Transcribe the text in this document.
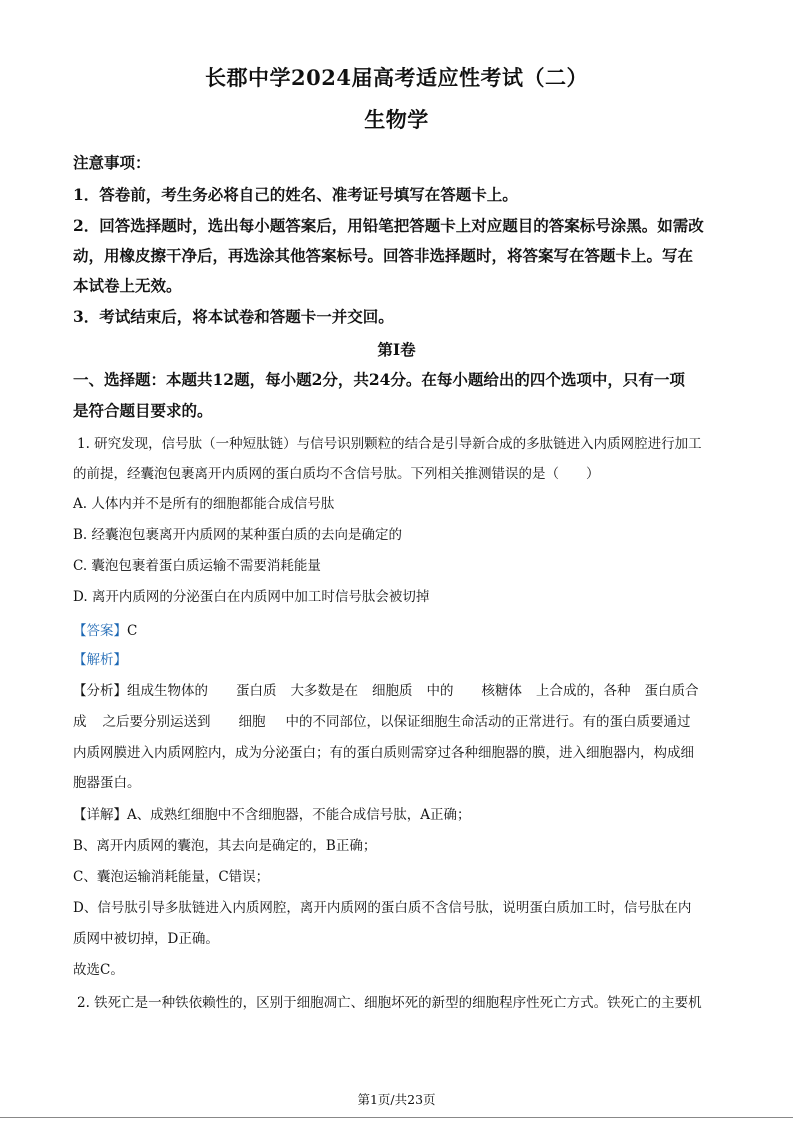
长郡中学2024届高考适应性考试（二）
生物学
注意事项：
1．答卷前，考生务必将自己的姓名、准考证号填写在答题卡上。
2．回答选择题时，选出每小题答案后，用铅笔把答题卡上对应题目的答案标号涂黑。如需改
动，用橡皮擦干净后，再选涂其他答案标号。回答非选择题时，将答案写在答题卡上。写在
本试卷上无效。
3．考试结束后，将本试卷和答题卡一并交回。
第I卷
一、选择题：本题共12题，每小题2分，共24分。在每小题给出的四个选项中，只有一项
是符合题目要求的。
1. 研究发现，信号肽（一种短肽链）与信号识别颗粒的结合是引导新合成的多肽链进入内质网腔进行加工
的前提，经囊泡包裹离开内质网的蛋白质均不含信号肽。下列相关推测错误的是（　　）
A. 人体内并不是所有的细胞都能合成信号肽
B. 经囊泡包裹离开内质网的某种蛋白质的去向是确定的
C. 囊泡包裹着蛋白质运输不需要消耗能量
D. 离开内质网的分泌蛋白在内质网中加工时信号肽会被切掉
【答案】C
【解析】
【分析】组成生物体的 蛋白质 大多数是在 细胞质 中的 核糖体 上合成的，各种 蛋白质合
成 之后要分别运送到 细胞 中的不同部位，以保证细胞生命活动的正常进行。有的蛋白质要通过
内质网膜进入内质网腔内，成为分泌蛋白；有的蛋白质则需穿过各种细胞器的膜，进入细胞器内，构成细
胞器蛋白。
【详解】A、成熟红细胞中不含细胞器，不能合成信号肽，A正确；
B、离开内质网的囊泡，其去向是确定的，B正确；
C、囊泡运输消耗能量，C错误；
D、信号肽引导多肽链进入内质网腔，离开内质网的蛋白质不含信号肽，说明蛋白质加工时，信号肽在内
质网中被切掉，D正确。
故选C。
2. 铁死亡是一种铁依赖性的，区别于细胞凋亡、细胞坏死的新型的细胞程序性死亡方式。铁死亡的主要机
第1页/共23页
